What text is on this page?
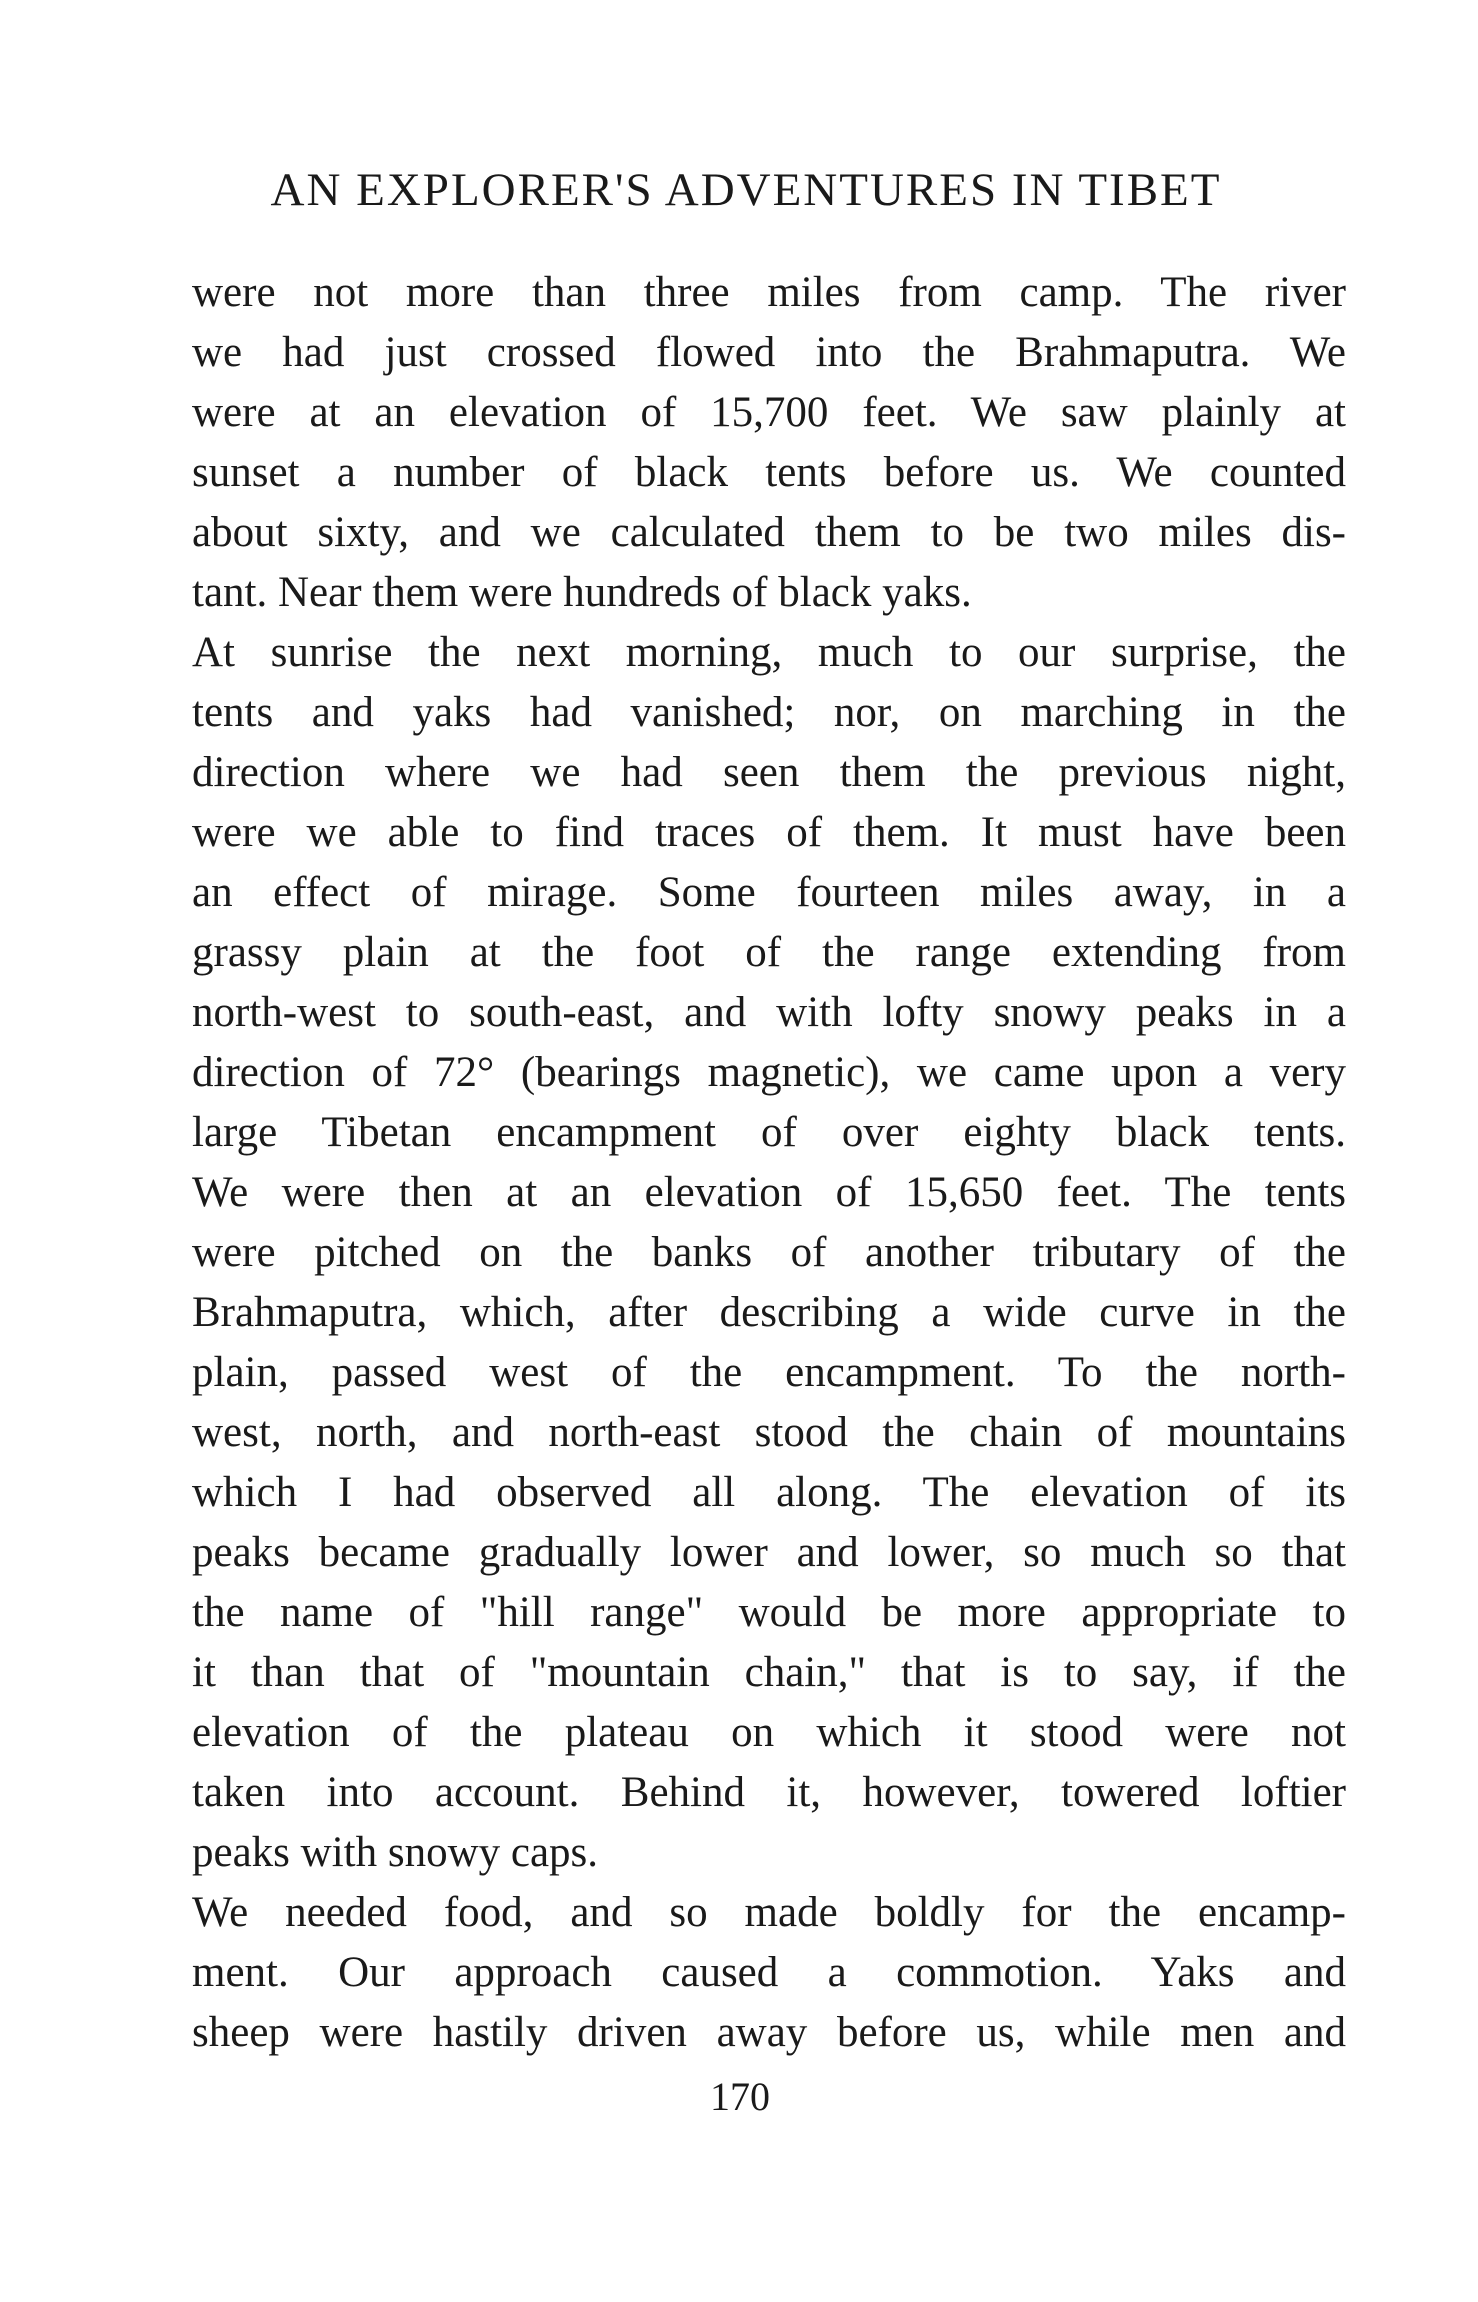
AN EXPLORER'S ADVENTURES IN TIBET

were not more than three miles from camp. The river
we had just crossed flowed into the Brahmaputra. We
were at an elevation of 15,700 feet. We saw plainly at
sunset a number of black tents before us. We counted
about sixty, and we calculated them to be two miles dis-
tant. Near them were hundreds of black yaks.

At sunrise the next morning, much to our surprise, the
tents and yaks had vanished; nor, on marching in the
direction where we had seen them the previous night,
were we able to find traces of them. It must have been
an effect of mirage. Some fourteen miles away, in a
grassy plain at the foot of the range extending from
north-west to south-east, and with lofty snowy peaks in a
direction of 72° (bearings magnetic), we came upon a very
large Tibetan encampment of over eighty black tents.
We were then at an elevation of 15,650 feet. The tents
were pitched on the banks of another tributary of the
Brahmaputra, which, after describing a wide curve in the
plain, passed west of the encampment. To the north-
west, north, and north-east stood the chain of mountains
which I had observed all along. The elevation of its
peaks became gradually lower and lower, so much so that
the name of "hill range" would be more appropriate to
it than that of "mountain chain," that is to say, if the
elevation of the plateau on which it stood were not
taken into account. Behind it, however, towered loftier
peaks with snowy caps.

We needed food, and so made boldly for the encamp-
ment. Our approach caused a commotion. Yaks and
sheep were hastily driven away before us, while men and

170
